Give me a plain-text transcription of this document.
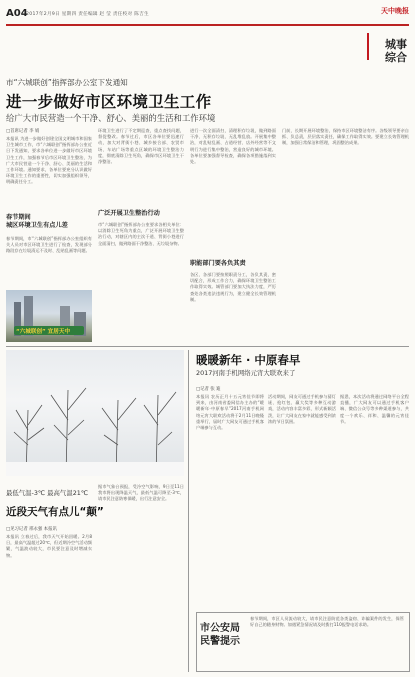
A04
2017年2月9日 星期四 责任编辑 赵 莹 责任校对 陈吉生	天中晚报
城事综合
市“六城联创”指挥部办公室下发通知
进一步做好市区环境卫生工作
给广大市民营造一个干净、舒心、美丽的生活和工作环境
□首席记者 李 娟
本报讯 为进一步做好创建全国文明城市和国家卫生城市工作，市“六城联创”指挥部办公室近日下发通知，要求各单位进一步做好市区环境卫生工作，加强春节后市区环境卫生整治，为广大市民营造一个干净、舒心、美丽的生活和工作环境。通知要求，各单位要充分认识做好环境卫生工作的重要性，切实加强组织领导，明确责任分工。
春节期间
城区环境卫生有点儿差
春节期间，市“六城联创”指挥部办公室组织有关人员对市区环境卫生进行了检查，发现部分路段存在垃圾清运不及时、乱贴乱画等问题。
“六城联创” 宜居天中
环境卫生进行了不定期巡查，重点查找问题，督促整改。春节过后，市区各单位要迅速行动，加大对背街小巷、城乡接合部、农贸市场、车站广场等重点区域的环境卫生整治力度，彻底清除卫生死角，确保市区环境卫生干净整洁。
广泛开展卫生整治行动
市“六城联创”指挥部办公室要求各相关单位：以消除卫生死角为重点，广泛开展环境卫生整治行动，对辖区内的主次干道、背街小巷进行全面清扫，做到路面干净整洁、无垃圾杂物。
进行一次全面清扫，清理积存垃圾，做到路面干净、无积存垃圾、无乱堆乱放。开展集中整治，对乱贴乱画、占道经营、店外经营等不文明行为进行集中整治，营造良好的城市环境。各单位要加强督导检查，确保各项措施落到实处。
职能部门要各负其责
各区、各部门要按照职责分工，各负其责，密切配合，形成工作合力，确保环境卫生整治工作取得实效。城管部门要加大执法力度，严厉查处各类违法违规行为，建立健全长效管理机制。
门前，长期开展环境整治，保持市区环境整洁有序。各级领导要亲自抓、负总责，层层落实责任，确保工作取得实效。要建立长效管理机制，加强日常保洁和管理，巩固整治成果。
最低气温-3℃ 最高气温21℃
近段天气有点儿“颠”
□见习记者 邢永强 本报讯
本报讯 立春过后，我市天气开始回暖。2月8日，最高气温超过20℃，但近期冷空气活动频繁，气温波动较大，市民要注意及时增减衣物。
据市气象台预报，受冷空气影响，9日至11日我市将出现降温天气，最低气温可降至-3℃，请市民注意防寒保暖，出行注意安全。
暖暖新年 · 中原春早
2017河南手机网络元宵大联欢来了
□记者 张 迪
本报讯 农历正月十五元宵佳节即将到来，由河南省委网信办主办的“暖暖新年·中原春早”2017河南手机网络元宵大联欢活动将于2月11日晚隆重举行，届时广大网友可通过手机客户端参与互动。
活动期间，网友可通过手机参与猜灯谜、抢红包、赢大奖等多种互动游戏，活动内容丰富多彩，形式新颖活泼，让广大网友在家中就能感受到浓浓的节日氛围。
据悉，本次活动将通过网络平台全程直播，广大网友可以通过手机客户端、微信公众号等多种渠道参与，共度一个欢乐、祥和、温馨的元宵佳节。
市公安局
民警提示
春节期间，市区人员流动较大，请市民注意防范各类盗窃、诈骗案件的发生，保管好自己的随身财物。如遇紧急情况请及时拨打110报警电话求助。
